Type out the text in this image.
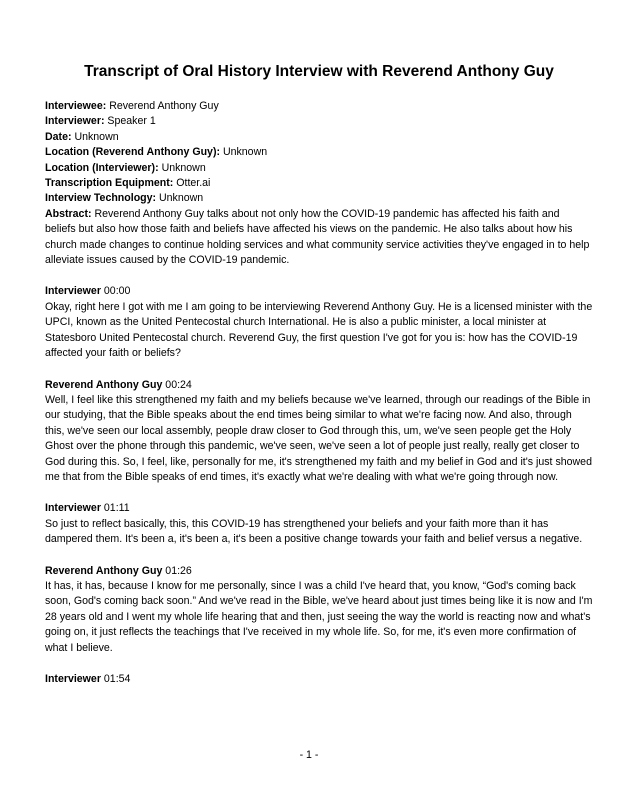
Transcript of Oral History Interview with Reverend Anthony Guy

Interviewee: Reverend Anthony Guy

Interviewer: Speaker 1

Date: Unknown

Location (Reverend Anthony Guy): Unknown

Location (Interviewer): Unknown

Transcription Equipment: Otter.ai

Interview Technology: Unknown

Abstract: Reverend Anthony Guy talks about not only how the COVID-19 pandemic has affected his faith and beliefs but also how those faith and beliefs have affected his views on the pandemic. He also talks about how his church made changes to continue holding services and what community service activities they've engaged in to help alleviate issues caused by the COVID-19 pandemic.

Interviewer 00:00

Okay, right here I got with me I am going to be interviewing Reverend Anthony Guy. He is a licensed minister with the UPCI, known as the United Pentecostal church International. He is also a public minister, a local minister at Statesboro United Pentecostal church. Reverend Guy, the first question I've got for you is: how has the COVID-19 affected your faith or beliefs?

Reverend Anthony Guy 00:24

Well, I feel like this strengthened my faith and my beliefs because we've learned, through our readings of the Bible in our studying, that the Bible speaks about the end times being similar to what we're facing now. And also, through this, we've seen our local assembly, people draw closer to God through this, um, we've seen people get the Holy Ghost over the phone through this pandemic, we've seen, we've seen a lot of people just really, really get closer to God during this. So, I feel, like, personally for me, it's strengthened my faith and my belief in God and it's just showed me that from the Bible speaks of end times, it's exactly what we're dealing with what we're going through now.

Interviewer 01:11

So just to reflect basically, this, this COVID-19 has strengthened your beliefs and your faith more than it has dampered them. It's been a, it's been a, it's been a positive change towards your faith and belief versus a negative.

Reverend Anthony Guy 01:26

It has, it has, because I know for me personally, since I was a child I've heard that, you know, “God's coming back soon, God's coming back soon.” And we've read in the Bible, we've heard about just times being like it is now and I'm 28 years old and I went my whole life hearing that and then, just seeing the way the world is reacting now and what's going on, it just reflects the teachings that I've received in my whole life. So, for me, it's even more confirmation of what I believe.

Interviewer 01:54

- 1 -
